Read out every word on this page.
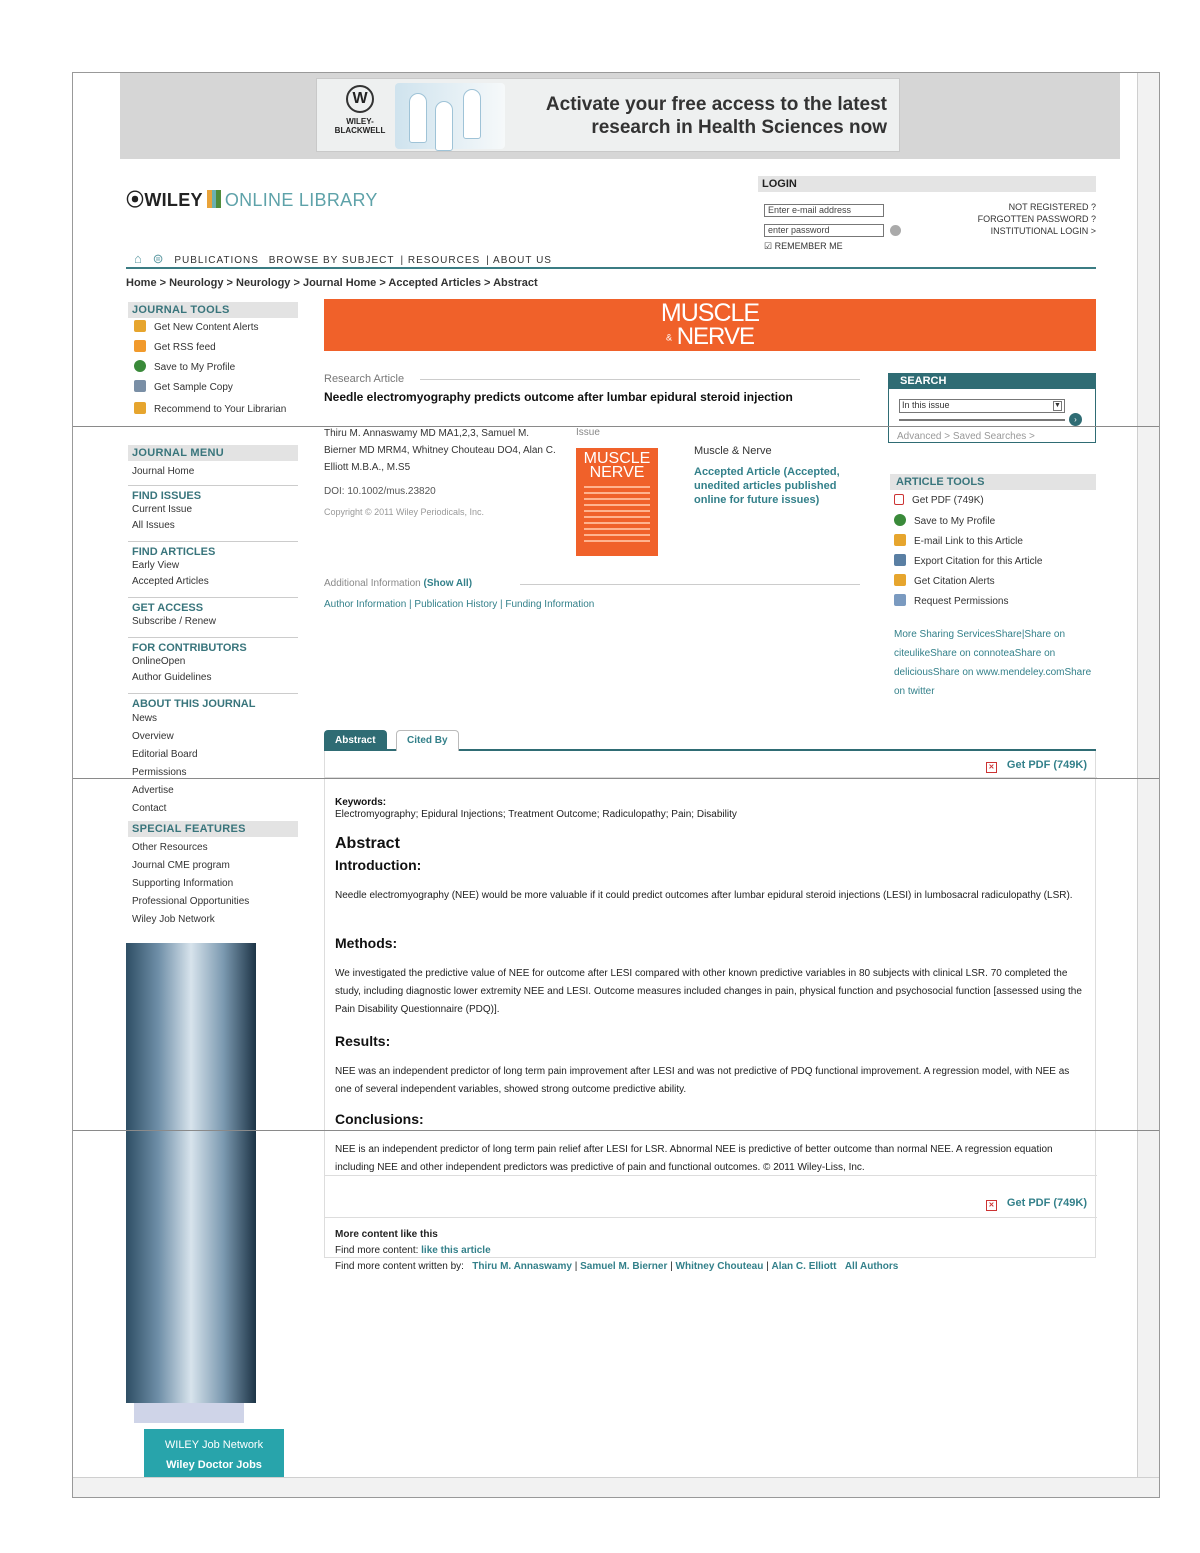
W
WILEY-BLACKWELL
Activate your free access to the latest research in Health Sciences now
⦿WILEY ONLINE LIBRARY
LOGIN
Enter e-mail address
enter password
☑ REMEMBER ME
NOT REGISTERED ?
FORGOTTEN PASSWORD ?
INSTITUTIONAL LOGIN >
⌂ ⊜ PUBLICATIONS BROWSE BY SUBJECT | RESOURCES | ABOUT US
Home > Neurology > Neurology > Journal Home > Accepted Articles > Abstract
JOURNAL TOOLS
Get New Content Alerts
Get RSS feed
Save to My Profile
Get Sample Copy
Recommend to Your Librarian
JOURNAL MENU
Journal Home
FIND ISSUES
Current Issue
All Issues
FIND ARTICLES
Early View
Accepted Articles
GET ACCESS
Subscribe / Renew
FOR CONTRIBUTORS
OnlineOpen
Author Guidelines
ABOUT THIS JOURNAL
News
Overview
Editorial Board
Permissions
Advertise
Contact
SPECIAL FEATURES
Other Resources
Journal CME program
Supporting Information
Professional Opportunities
Wiley Job Network
WILEY Job Network
Wiley Doctor Jobs
MUSCLE
& NERVE
Research Article
Needle electromyography predicts outcome after lumbar epidural steroid injection
Thiru M. Annaswamy MD MA1,2,3, Samuel M. Bierner MD MRM4, Whitney Chouteau DO4, Alan C. Elliott M.B.A., M.S5
Issue
MUSCLE
NERVE
Muscle & Nerve
Accepted Article (Accepted, unedited articles published online for future issues)
DOI: 10.1002/mus.23820
Copyright © 2011 Wiley Periodicals, Inc.
Additional Information (Show All)
Author Information | Publication History | Funding Information
SEARCH
In this issue	▼
›
Advanced > Saved Searches >
ARTICLE TOOLS
Get PDF (749K)
Save to My Profile
E-mail Link to this Article
Export Citation for this Article
Get Citation Alerts
Request Permissions
More Sharing ServicesShare|Share on citeulikeShare on connoteaShare on deliciousShare on www.mendeley.comShare on twitter
Abstract	Cited By
✕ Get PDF (749K)
Keywords:
Electromyography; Epidural Injections; Treatment Outcome; Radiculopathy; Pain; Disability
Abstract
Introduction:
Needle electromyography (NEE) would be more valuable if it could predict outcomes after lumbar epidural steroid injections (LESI) in lumbosacral radiculopathy (LSR).
Methods:
We investigated the predictive value of NEE for outcome after LESI compared with other known predictive variables in 80 subjects with clinical LSR. 70 completed the study, including diagnostic lower extremity NEE and LESI. Outcome measures included changes in pain, physical function and psychosocial function [assessed using the Pain Disability Questionnaire (PDQ)].
Results:
NEE was an independent predictor of long term pain improvement after LESI and was not predictive of PDQ functional improvement. A regression model, with NEE as one of several independent variables, showed strong outcome predictive ability.
Conclusions:
NEE is an independent predictor of long term pain relief after LESI for LSR. Abnormal NEE is predictive of better outcome than normal NEE. A regression equation including NEE and other independent predictors was predictive of pain and functional outcomes. © 2011 Wiley-Liss, Inc.
✕ Get PDF (749K)
More content like this
Find more content: like this article
Find more content written by: Thiru M. Annaswamy | Samuel M. Bierner | Whitney Chouteau | Alan C. Elliott All Authors
